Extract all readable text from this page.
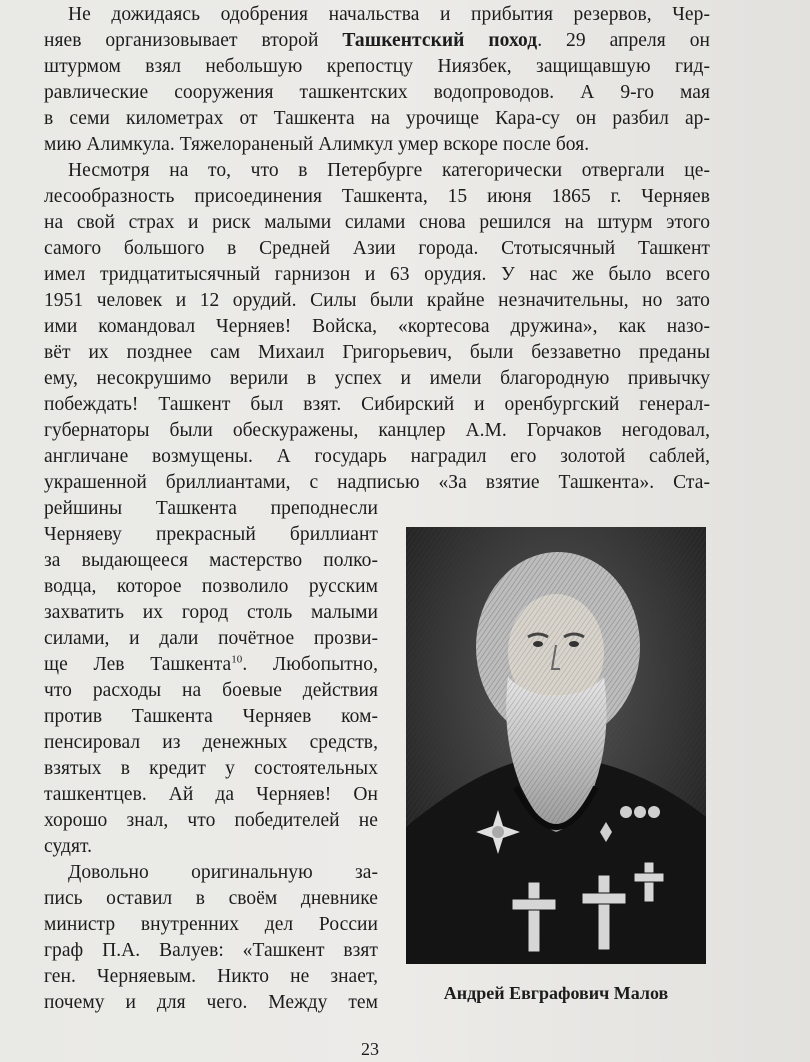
Не дожидаясь одобрения начальства и прибытия резервов, Чер-
няев организовывает второй Ташкентский поход. 29 апреля он
штурмом взял небольшую крепостцу Ниязбек, защищавшую гид-
равлические сооружения ташкентских водопроводов. А 9-го мая
в семи километрах от Ташкента на урочище Кара-су он разбил ар-
мию Алимкула. Тяжелораненый Алимкул умер вскоре после боя.
Несмотря на то, что в Петербурге категорически отвергали це-
лесообразность присоединения Ташкента, 15 июня 1865 г. Черняев
на свой страх и риск малыми силами снова решился на штурм этого
самого большого в Средней Азии города. Стотысячный Ташкент
имел тридцатитысячный гарнизон и 63 орудия. У нас же было всего
1951 человек и 12 орудий. Силы были крайне незначительны, но зато
ими командовал Черняев! Войска, «кортесова дружина», как назо-
вёт их позднее сам Михаил Григорьевич, были беззаветно преданы
ему, несокрушимо верили в успех и имели благородную привычку
побеждать! Ташкент был взят. Сибирский и оренбургский генерал-
губернаторы были обескуражены, канцлер А.М. Горчаков негодовал,
англичане возмущены. А государь наградил его золотой саблей,
украшенной бриллиантами, с надписью «За взятие Ташкента». Ста-
рейшины Ташкента преподнесли
Черняеву прекрасный бриллиант
за выдающееся мастерство полко-
водца, которое позволило русским
захватить их город столь малыми
силами, и дали почётное прозви-
ще Лев Ташкента$^{10}$. Любопытно,
что расходы на боевые действия
против Ташкента Черняев ком-
пенсировал из денежных средств,
взятых в кредит у состоятельных
ташкентцев. Ай да Черняев! Он
хорошо знал, что победителей не
судят.
Довольно оригинальную за-
пись оставил в своём дневнике
министр внутренних дел России
граф П.А. Валуев: «Ташкент взят
ген. Черняевым. Никто не знает,
почему и для чего. Между тем	Андрей Евграфович Малов
23
